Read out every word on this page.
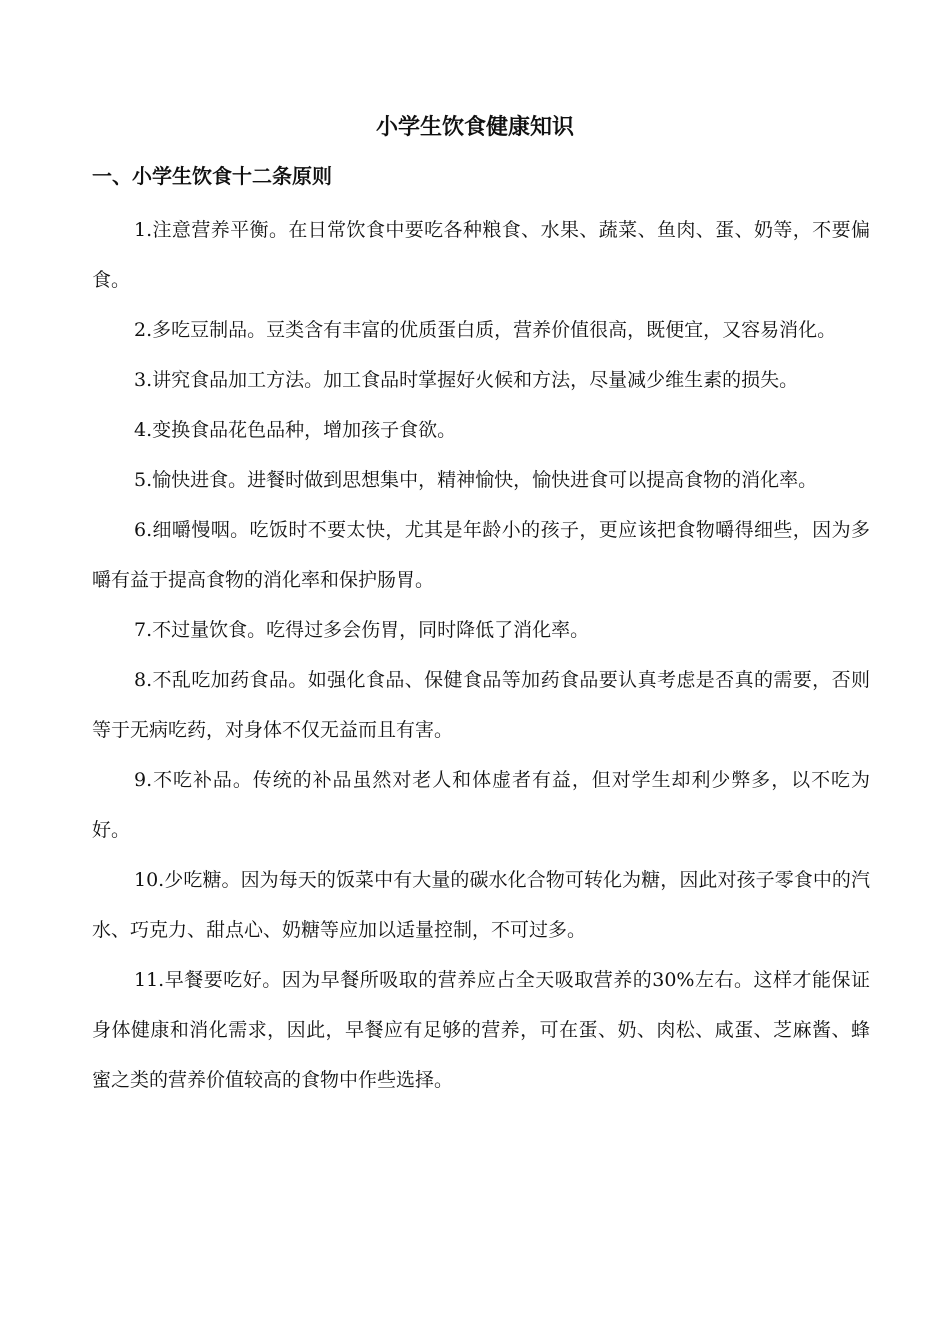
小学生饮食健康知识
一、小学生饮食十二条原则

1.注意营养平衡。在日常饮食中要吃各种粮食、水果、蔬菜、鱼肉、蛋、奶等，不要偏食。

2.多吃豆制品。豆类含有丰富的优质蛋白质，营养价值很高，既便宜，又容易消化。

3.讲究食品加工方法。加工食品时掌握好火候和方法，尽量减少维生素的损失。

4.变换食品花色品种，增加孩子食欲。

5.愉快进食。进餐时做到思想集中，精神愉快，愉快进食可以提高食物的消化率。

6.细嚼慢咽。吃饭时不要太快，尤其是年龄小的孩子，更应该把食物嚼得细些，因为多嚼有益于提高食物的消化率和保护肠胃。

7.不过量饮食。吃得过多会伤胃，同时降低了消化率。

8.不乱吃加药食品。如强化食品、保健食品等加药食品要认真考虑是否真的需要，否则等于无病吃药，对身体不仅无益而且有害。

9.不吃补品。传统的补品虽然对老人和体虚者有益，但对学生却利少弊多，以不吃为好。

10.少吃糖。因为每天的饭菜中有大量的碳水化合物可转化为糖，因此对孩子零食中的汽水、巧克力、甜点心、奶糖等应加以适量控制，不可过多。

11.早餐要吃好。因为早餐所吸取的营养应占全天吸取营养的30%左右。这样才能保证身体健康和消化需求，因此，早餐应有足够的营养，可在蛋、奶、肉松、咸蛋、芝麻酱、蜂蜜之类的营养价值较高的食物中作些选择。
